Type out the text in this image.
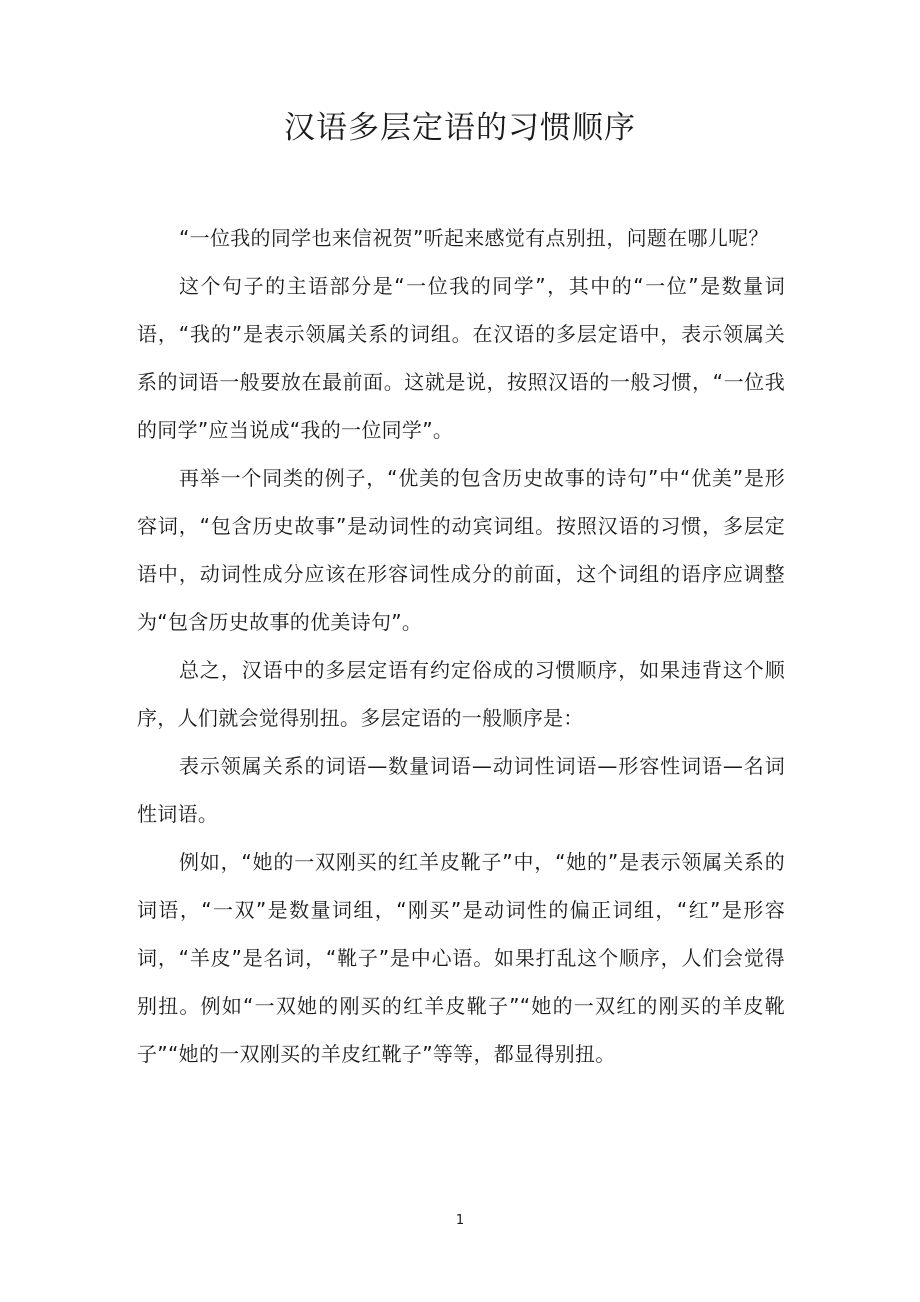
汉语多层定语的习惯顺序

“一位我的同学也来信祝贺”听起来感觉有点别扭，问题在哪儿呢？

这个句子的主语部分是“一位我的同学”，其中的“一位”是数量词语，“我的”是表示领属关系的词组。在汉语的多层定语中，表示领属关系的词语一般要放在最前面。这就是说，按照汉语的一般习惯，“一位我的同学”应当说成“我的一位同学”。

再举一个同类的例子，“优美的包含历史故事的诗句”中“优美”是形容词，“包含历史故事”是动词性的动宾词组。按照汉语的习惯，多层定语中，动词性成分应该在形容词性成分的前面，这个词组的语序应调整为“包含历史故事的优美诗句”。

总之，汉语中的多层定语有约定俗成的习惯顺序，如果违背这个顺序，人们就会觉得别扭。多层定语的一般顺序是：

表示领属关系的词语—数量词语—动词性词语—形容性词语—名词性词语。

例如，“她的一双刚买的红羊皮靴子”中，“她的”是表示领属关系的词语，“一双”是数量词组，“刚买”是动词性的偏正词组，“红”是形容词，“羊皮”是名词，“靴子”是中心语。如果打乱这个顺序，人们会觉得别扭。例如“一双她的刚买的红羊皮靴子”“她的一双红的刚买的羊皮靴子”“她的一双刚买的羊皮红靴子”等等，都显得别扭。

1
